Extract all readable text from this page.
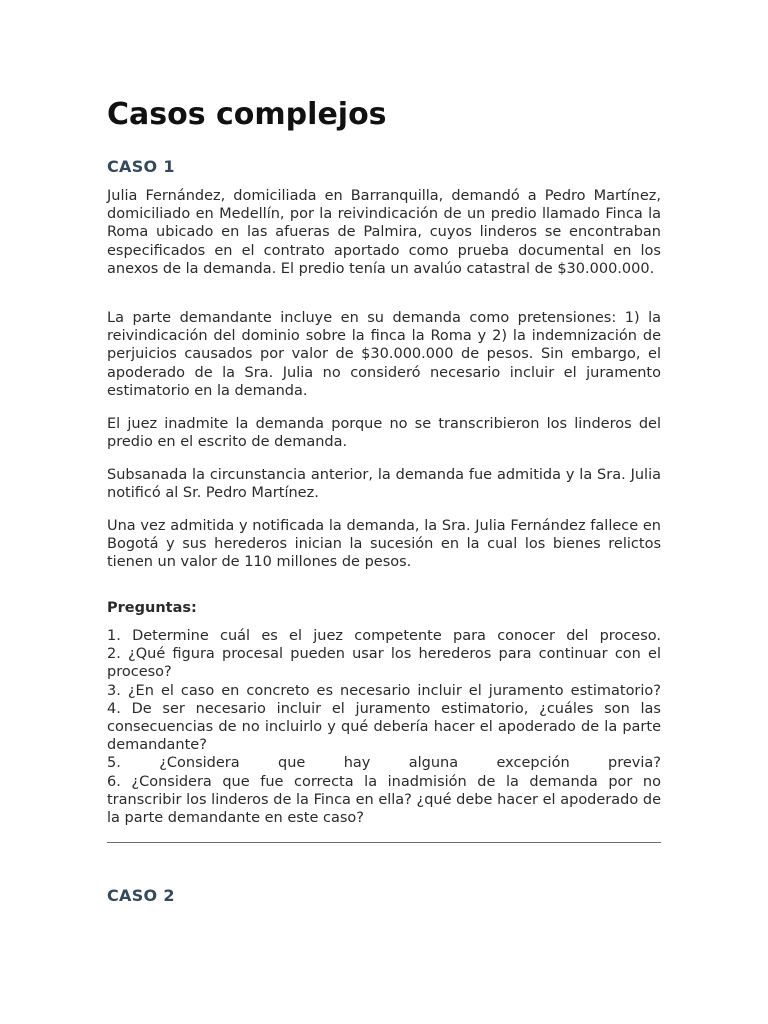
Casos complejos
CASO 1

Julia Fernández, domiciliada en Barranquilla, demandó a Pedro Martínez, domiciliado en Medellín, por la reivindicación de un predio llamado Finca la Roma ubicado en las afueras de Palmira, cuyos linderos se encontraban especificados en el contrato aportado como prueba documental en los anexos de la demanda. El predio tenía un avalúo catastral de $30.000.000.

La parte demandante incluye en su demanda como pretensiones: 1) la reivindicación del dominio sobre la finca la Roma y 2) la indemnización de perjuicios causados por valor de $30.000.000 de pesos. Sin embargo, el apoderado de la Sra. Julia no consideró necesario incluir el juramento estimatorio en la demanda.

El juez inadmite la demanda porque no se transcribieron los linderos del predio en el escrito de demanda.

Subsanada la circunstancia anterior, la demanda fue admitida y la Sra. Julia notificó al Sr. Pedro Martínez.

Una vez admitida y notificada la demanda, la Sra. Julia Fernández fallece en Bogotá y sus herederos inician la sucesión en la cual los bienes relictos tienen un valor de 110 millones de pesos.

Preguntas:
1. Determine cuál es el juez competente para conocer del proceso.
2. ¿Qué figura procesal pueden usar los herederos para continuar con el proceso?
3. ¿En el caso en concreto es necesario incluir el juramento estimatorio?
4. De ser necesario incluir el juramento estimatorio, ¿cuáles son las consecuencias de no incluirlo y qué debería hacer el apoderado de la parte demandante?
5. ¿Considera que hay alguna excepción previa?
6. ¿Considera que fue correcta la inadmisión de la demanda por no transcribir los linderos de la Finca en ella? ¿qué debe hacer el apoderado de la parte demandante en este caso?
CASO 2
